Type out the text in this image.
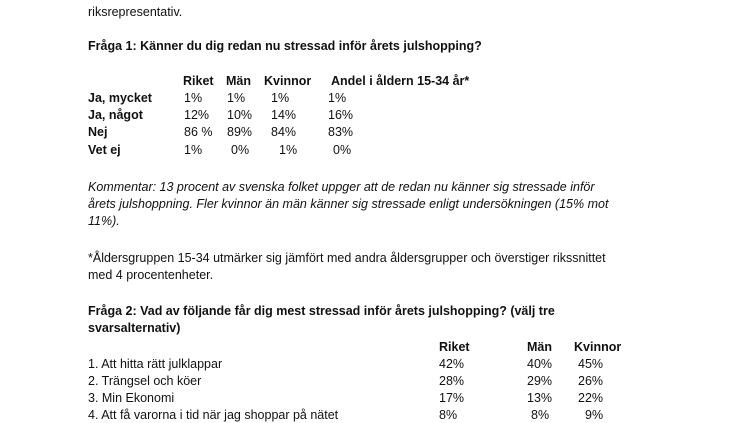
riksrepresentativ.
Fråga 1: Känner du dig redan nu stressad inför årets julshopping?
Riket Män Kvinnor Andel i åldern 15-34 år*
Ja, mycket	1% 1% 1%	1%
Ja, något	12% 10% 14%	16%
Nej	86 % 89% 84%	83%
Vet ej	1% 0% 1%	0%
Kommentar: 13 procent av svenska folket uppger att de redan nu känner sig stressade inför
årets julshoppning. Fler kvinnor än män känner sig stressade enligt undersökningen (15% mot
11%).
*Åldersgruppen 15-34 utmärker sig jämfört med andra åldersgrupper och överstiger rikssnittet
med 4 procentenheter.
Fråga 2: Vad av följande får dig mest stressad inför årets julshopping? (välj tre
svarsalternativ)
Riket	Män Kvinnor
1. Att hitta rätt julklappar	42%	40% 45%
2. Trängsel och köer	28%	29% 26%
3. Min Ekonomi	17%	13% 22%
4. Att få varorna i tid när jag shoppar på nätet	8%	8%	9%
